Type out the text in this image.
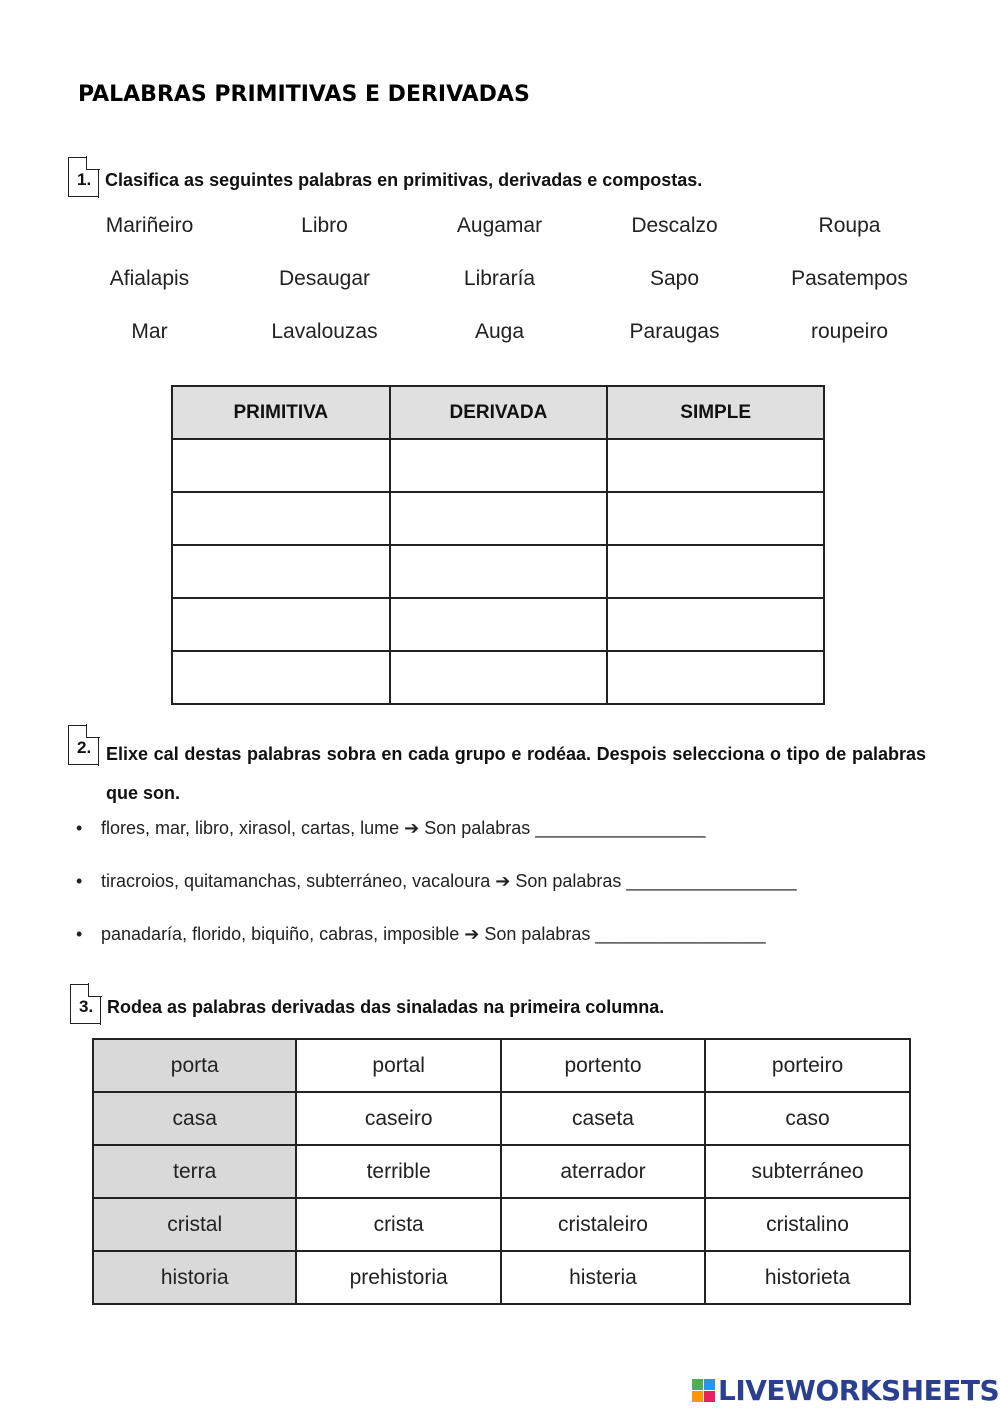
PALABRAS PRIMITIVAS E DERIVADAS
1. Clasifica as seguintes palabras en primitivas, derivadas e compostas.
Mariñeiro	Libro	Augamar	Descalzo	Roupa
Afialapis	Desaugar	Libraría	Sapo	Pasatempos
Mar	Lavalouzas	Auga	Paraugas	roupeiro
PRIMITIVA	DERIVADA	SIMPLE

2. Elixe cal destas palabras sobra en cada grupo e rodéaa. Despois selecciona o tipo de palabras que son.
• flores, mar, libro, xirasol, cartas, lume ➔ Son palabras _________________
• tiracroios, quitamanchas, subterráneo, vacaloura ➔ Son palabras _________________
• panadaría, florido, biquiño, cabras, imposible ➔ Son palabras _________________
3. Rodea as palabras derivadas das sinaladas na primeira columna.
porta	portal	portento	porteiro
casa	caseiro	caseta	caso
terra	terrible	aterrador	subterráneo
cristal	crista	cristaleiro	cristalino
historia	prehistoria	histeria	historieta
LIVEWORKSHEETS
